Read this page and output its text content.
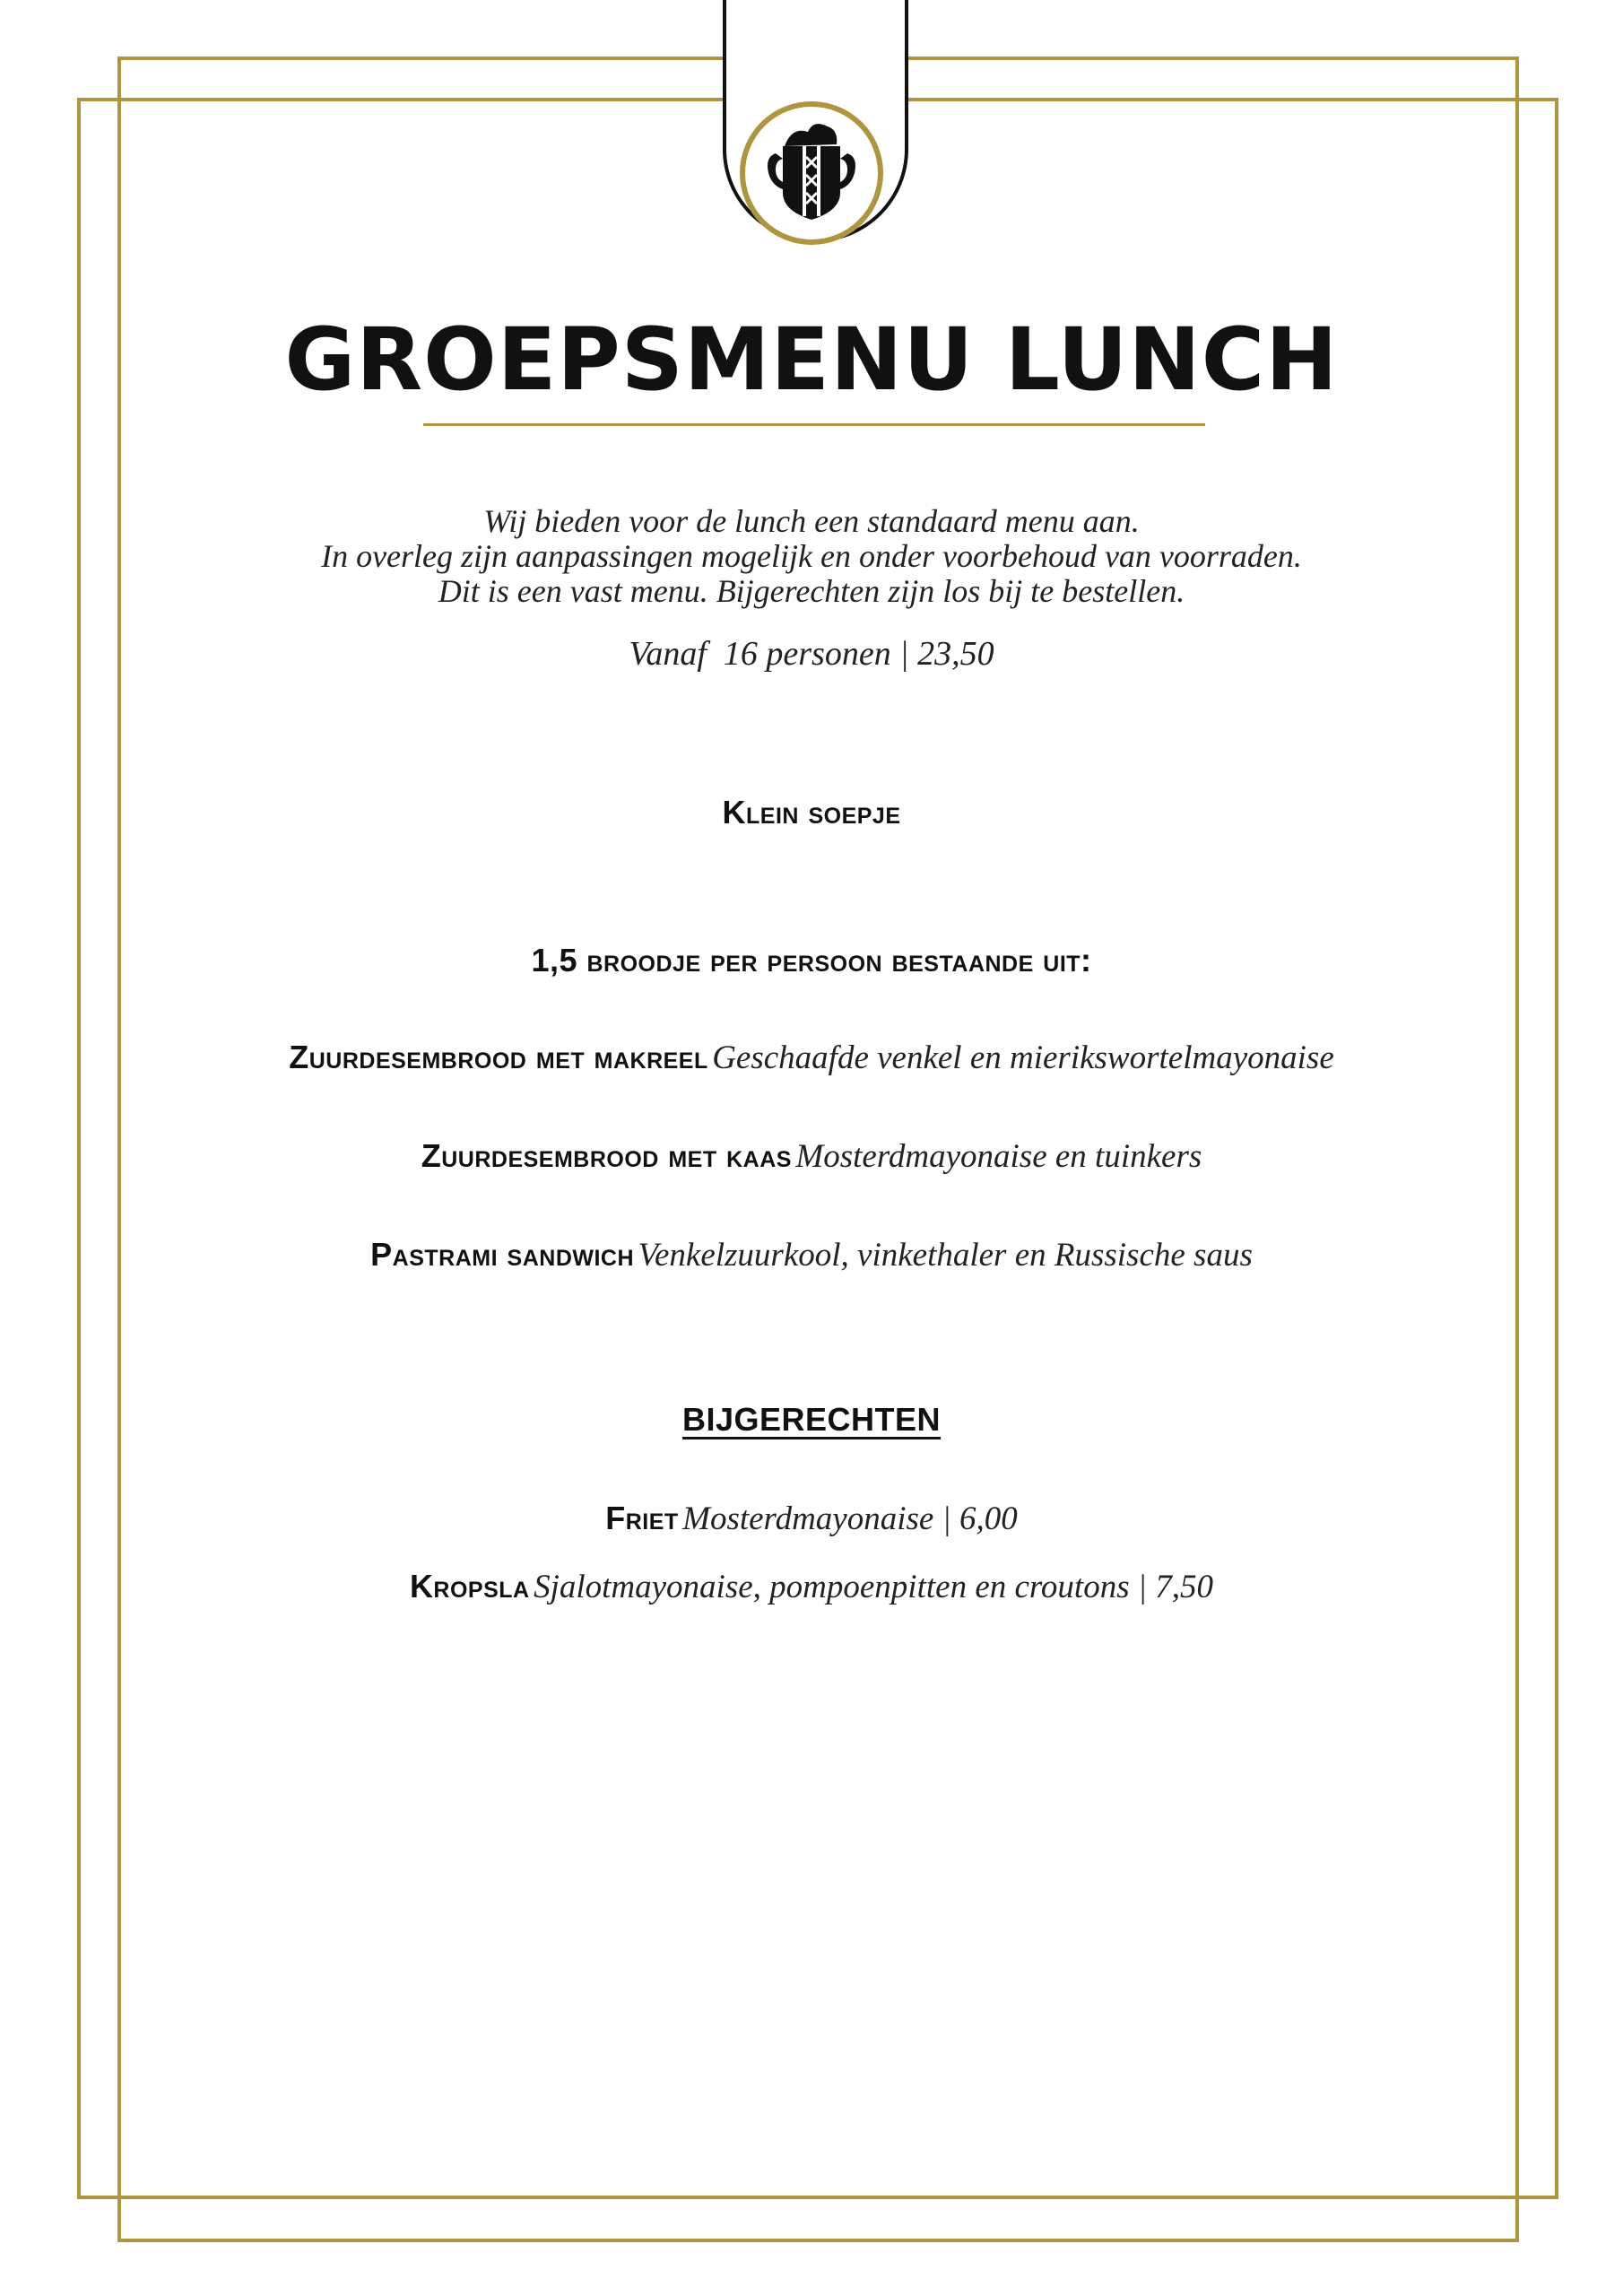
GROEPSMENU LUNCH
Wij bieden voor de lunch een standaard menu aan.
In overleg zijn aanpassingen mogelijk en onder voorbehoud van voorraden.
Dit is een vast menu. Bijgerechten zijn los bij te bestellen.
Vanaf  16 personen | 23,50
Klein soepje
1,5 broodje per persoon bestaande uit:
Zuurdesembrood met makreel Geschaafde venkel en mierikswortelmayonaise
Zuurdesembrood met kaas Mosterdmayonaise en tuinkers
Pastrami sandwich Venkelzuurkool, vinkethaler en Russische saus
BIJGERECHTEN
Friet Mosterdmayonaise | 6,00
Kropsla Sjalotmayonaise, pompoenpitten en croutons | 7,50
